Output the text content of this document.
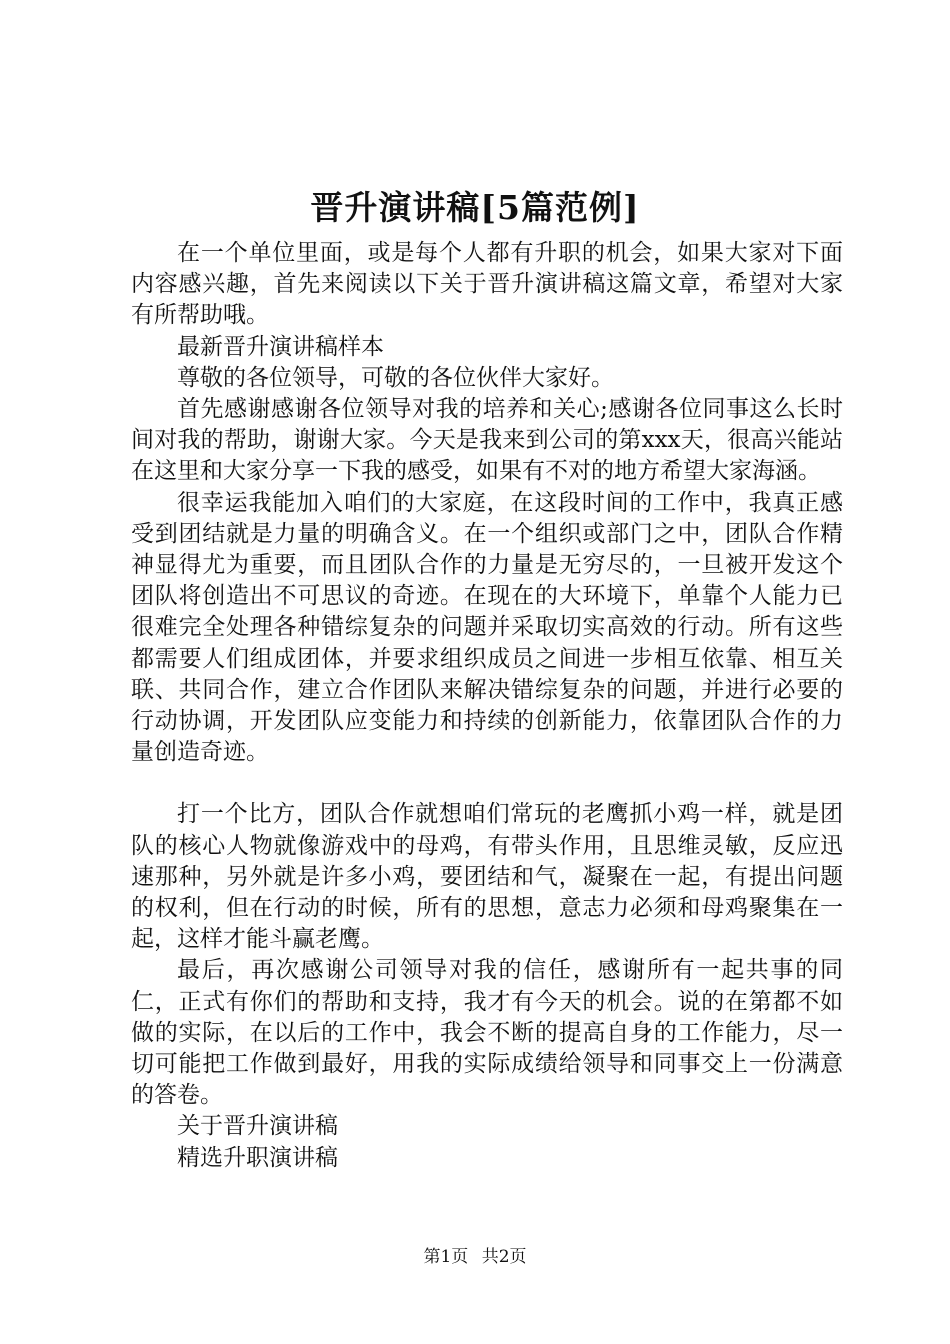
晋升演讲稿[5篇范例]

在一个单位里面，或是每个人都有升职的机会，如果大家对下面内容感兴趣，首先来阅读以下关于晋升演讲稿这篇文章，希望对大家有所帮助哦。

最新晋升演讲稿样本

尊敬的各位领导，可敬的各位伙伴大家好。

首先感谢感谢各位领导对我的培养和关心;感谢各位同事这么长时间对我的帮助，谢谢大家。今天是我来到公司的第xxx天，很高兴能站在这里和大家分享一下我的感受，如果有不对的地方希望大家海涵。

很幸运我能加入咱们的大家庭，在这段时间的工作中，我真正感受到团结就是力量的明确含义。在一个组织或部门之中，团队合作精神显得尤为重要，而且团队合作的力量是无穷尽的，一旦被开发这个团队将创造出不可思议的奇迹。在现在的大环境下，单靠个人能力已很难完全处理各种错综复杂的问题并采取切实高效的行动。所有这些都需要人们组成团体，并要求组织成员之间进一步相互依靠、相互关联、共同合作，建立合作团队来解决错综复杂的问题，并进行必要的行动协调，开发团队应变能力和持续的创新能力，依靠团队合作的力量创造奇迹。

打一个比方，团队合作就想咱们常玩的老鹰抓小鸡一样，就是团队的核心人物就像游戏中的母鸡，有带头作用，且思维灵敏，反应迅速那种，另外就是许多小鸡，要团结和气，凝聚在一起，有提出问题的权利，但在行动的时候，所有的思想，意志力必须和母鸡聚集在一起，这样才能斗赢老鹰。

最后，再次感谢公司领导对我的信任，感谢所有一起共事的同仁，正式有你们的帮助和支持，我才有今天的机会。说的在第都不如做的实际，在以后的工作中，我会不断的提高自身的工作能力，尽一切可能把工作做到最好，用我的实际成绩给领导和同事交上一份满意的答卷。

关于晋升演讲稿

精选升职演讲稿

第1页 共2页
